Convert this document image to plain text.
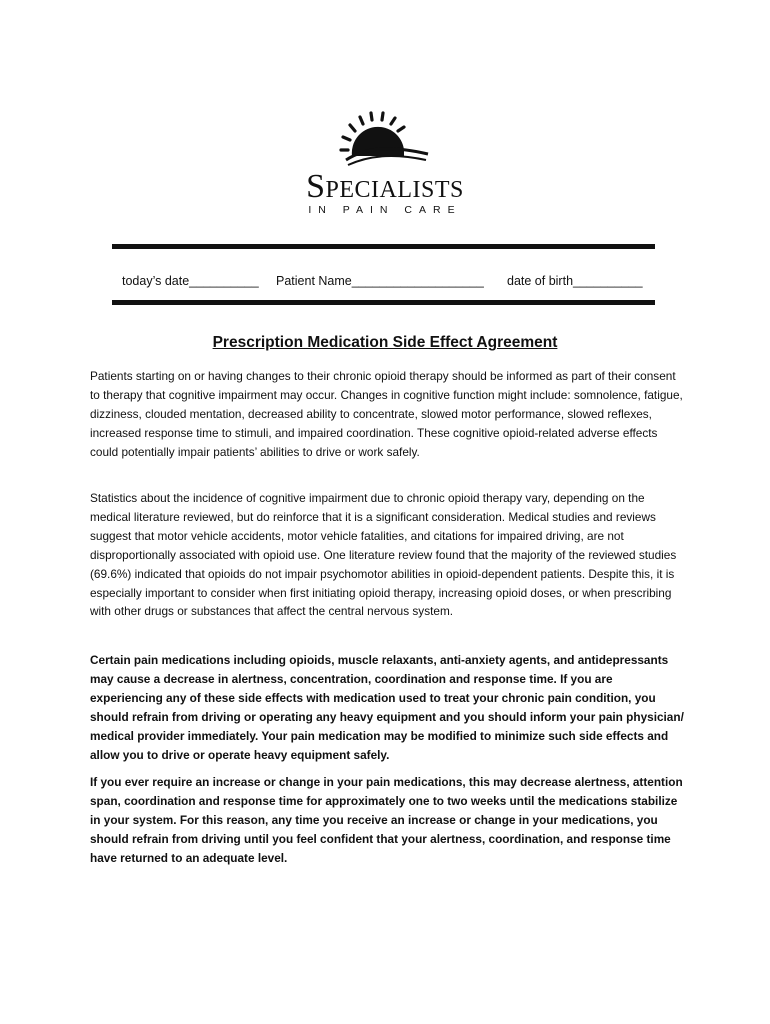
Specialists
IN PAIN CARE
today’s date__________ Patient Name___________________ date of birth__________
Prescription Medication Side Effect Agreement

Patients starting on or having changes to their chronic opioid therapy should be informed as part of their consent to therapy that cognitive impairment may occur. Changes in cognitive function might include: somnolence, fatigue, dizziness, clouded mentation, decreased ability to concentrate, slowed motor performance, slowed reflexes, increased response time to stimuli, and impaired coordination. These cognitive opioid-related adverse effects could potentially impair patients’ abilities to drive or work safely.

Statistics about the incidence of cognitive impairment due to chronic opioid therapy vary, depending on the medical literature reviewed, but do reinforce that it is a significant consideration. Medical studies and reviews suggest that motor vehicle accidents, motor vehicle fatalities, and citations for impaired driving, are not disproportionally associated with opioid use. One literature review found that the majority of the reviewed studies (69.6%) indicated that opioids do not impair psychomotor abilities in opioid-dependent patients. Despite this, it is especially important to consider when first initiating opioid therapy, increasing opioid doses, or when prescribing with other drugs or substances that affect the central nervous system.

Certain pain medications including opioids, muscle relaxants, anti-anxiety agents, and antidepressants may cause a decrease in alertness, concentration, coordination and response time. If you are experiencing any of these side effects with medication used to treat your chronic pain condition, you should refrain from driving or operating any heavy equipment and you should inform your pain physician/ medical provider immediately. Your pain medication may be modified to minimize such side effects and allow you to drive or operate heavy equipment safely.

If you ever require an increase or change in your pain medications, this may decrease alertness, attention span, coordination and response time for approximately one to two weeks until the medications stabilize in your system. For this reason, any time you receive an increase or change in your medications, you should refrain from driving until you feel confident that your alertness, coordination, and response time have returned to an adequate level.
